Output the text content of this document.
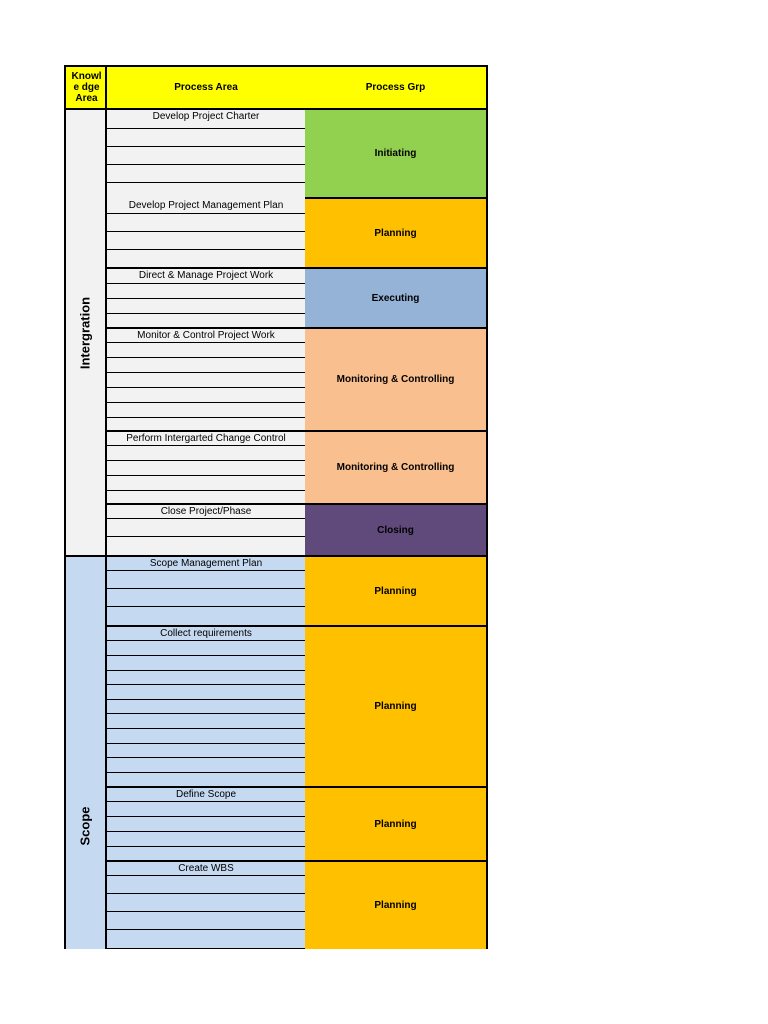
Knowle dge Area
Process Area	Process Grp
Intergration
Scope
Develop Project Charter
Develop Project Management Plan
Direct & Manage Project Work
Monitor & Control Project Work
Perform Intergarted Change Control
Close Project/Phase
Scope Management Plan
Collect requirements
Define Scope
Create WBS
Initiating
Planning
Executing
Monitoring & Controlling
Monitoring & Controlling
Closing
Planning
Planning
Planning
Planning
